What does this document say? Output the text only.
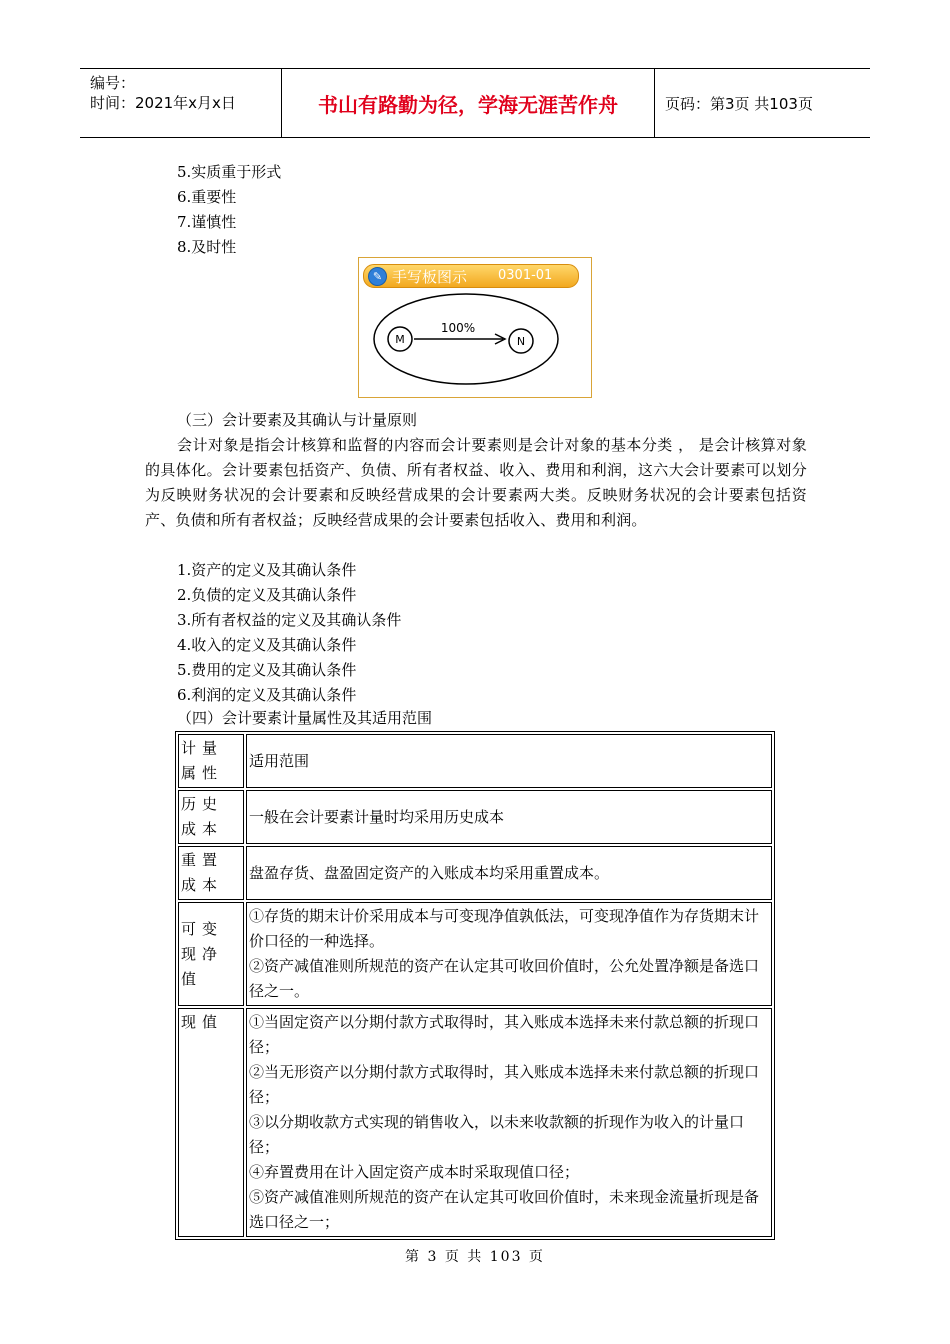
编号：
时间：2021年x月x日	书山有路勤为径，学海无涯苦作舟	页码：第3页 共103页
5.实质重于形式
6.重要性
7.谨慎性
8.及时性
✎ 手写板图示 0301-01
M	N
100%
（三）会计要素及其确认与计量原则
会计对象是指会计核算和监督的内容而会计要素则是会计对象的基本分类 ， 是会计核算对象的具体化。会计要素包括资产、负债、所有者权益、收入、费用和利润，这六大会计要素可以划分为反映财务状况的会计要素和反映经营成果的会计要素两大类。反映财务状况的会计要素包括资产、负债和所有者权益；反映经营成果的会计要素包括收入、费用和利润。
1.资产的定义及其确认条件
2.负债的定义及其确认条件
3.所有者权益的定义及其确认条件
4.收入的定义及其确认条件
5.费用的定义及其确认条件
6.利润的定义及其确认条件
（四）会计要素计量属性及其适用范围
计量属性	适用范围
历史成本	一般在会计要素计量时均采用历史成本
重置成本	盘盈存货、盘盈固定资产的入账成本均采用重置成本。
可变现净值	①存货的期末计价采用成本与可变现净值孰低法，可变现净值作为存货期末计价口径的一种选择。
②资产减值准则所规范的资产在认定其可收回价值时，公允处置净额是备选口径之一。

现值	①当固定资产以分期付款方式取得时，其入账成本选择未来付款总额的折现口径；
②当无形资产以分期付款方式取得时，其入账成本选择未来付款总额的折现口径；
③以分期收款方式实现的销售收入，以未来收款额的折现作为收入的计量口径；
④弃置费用在计入固定资产成本时采取现值口径；
⑤资产减值准则所规范的资产在认定其可收回价值时，未来现金流量折现是备选口径之一；
第 3 页 共 103 页
